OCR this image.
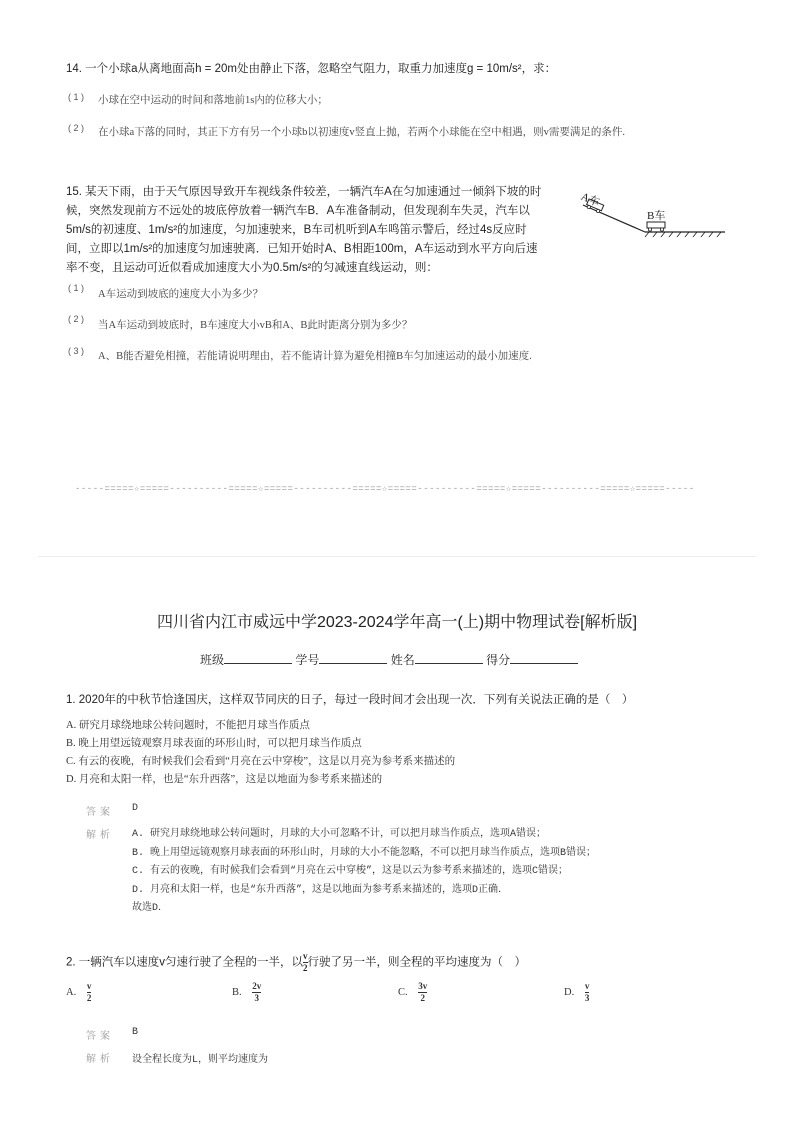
14. 一个小球a从离地面高h = 20m处由静止下落，忽略空气阻力，取重力加速度g = 10m/s²，求：
( 1 ) 小球在空中运动的时间和落地前1s内的位移大小；
( 2 ) 在小球a下落的同时，其正下方有另一个小球b以初速度v竖直上抛，若两个小球能在空中相遇，则v需要满足的条件.
15. 某天下雨，由于天气原因导致开车视线条件较差，一辆汽车A在匀加速通过一倾斜下坡的时
候，突然发现前方不远处的坡底停放着一辆汽车B．A车准备制动，但发现刹车失灵，汽车以
5m/s的初速度、1m/s²的加速度，匀加速驶来，B车司机听到A车鸣笛示警后，经过4s反应时
间，立即以1m/s²的加速度匀加速驶离．已知开始时A、B相距100m，A车运动到水平方向后速
率不变，且运动可近似看成加速度大小为0.5m/s²的匀减速直线运动，则：
A车
B车
( 1 )
A车运动到坡底的速度大小为多少？
( 2 )
当A车运动到坡底时，B车速度大小vB和A、B此时距离分别为多少？
( 3 ) A、B能否避免相撞，若能请说明理由，若不能请计算为避免相撞B车匀加速运动的最小加速度.
-----=====☆=====----------=====☆=====----------=====☆=====----------=====☆=====----------=====☆=====-----
四川省内江市威远中学2023-2024学年高一(上)期中物理试卷[解析版]
班级	学号	姓名	得分
1. 2020年的中秋节恰逢国庆，这样双节同庆的日子，每过一段时间才会出现一次．下列有关说法正确的是（　）
A. 研究月球绕地球公转问题时，不能把月球当作质点
B. 晚上用望远镜观察月球表面的环形山时，可以把月球当作质点
C. 有云的夜晚，有时候我们会看到“月亮在云中穿梭”，这是以月亮为参考系来描述的
D. 月亮和太阳一样，也是“东升西落”，这是以地面为参考系来描述的
答案 D
解析 A. 研究月球绕地球公转问题时，月球的大小可忽略不计，可以把月球当作质点，选项A错误；
B. 晚上用望远镜观察月球表面的环形山时，月球的大小不能忽略，不可以把月球当作质点，选项B错误；
C. 有云的夜晚，有时候我们会看到“月亮在云中穿梭”，这是以云为参考系来描述的，选项C错误；
D. 月亮和太阳一样，也是“东升西落”，这是以地面为参考系来描述的，选项D正确．
故选D．
2. 一辆汽车以速度v匀速行驶了全程的一半，以 $\frac{v}{2}$ 行驶了另一半，则全程的平均速度为（　）
A. $\frac{v}{2}$	B. $\frac{2v}{3}$	C. $\frac{3v}{2}$	D. $\frac{v}{3}$
答案 B
解析 设全程长度为L，则平均速度为
